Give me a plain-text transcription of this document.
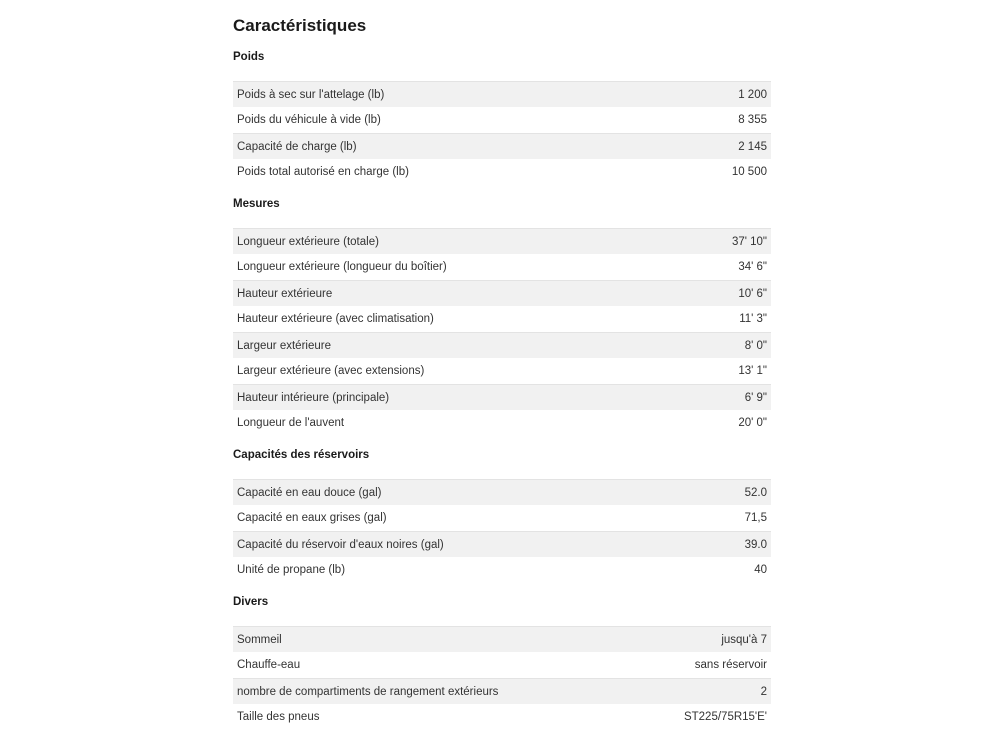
Caractéristiques
Poids
Poids à sec sur l'attelage (lb)	1 200
Poids du véhicule à vide (lb)	8 355
Capacité de charge (lb)	2 145
Poids total autorisé en charge (lb)	10 500
Mesures
Longueur extérieure (totale)	37' 10"
Longueur extérieure (longueur du boîtier)	34' 6"
Hauteur extérieure	10' 6"
Hauteur extérieure (avec climatisation)	11' 3"
Largeur extérieure	8' 0"
Largeur extérieure (avec extensions)	13' 1"
Hauteur intérieure (principale)	6' 9"
Longueur de l'auvent	20' 0"
Capacités des réservoirs
Capacité en eau douce (gal)	52.0
Capacité en eaux grises (gal)	71,5
Capacité du réservoir d'eaux noires (gal)	39.0
Unité de propane (lb)	40
Divers
Sommeil	jusqu'à 7
Chauffe-eau	sans réservoir
nombre de compartiments de rangement extérieurs	2
Taille des pneus	ST225/75R15'E'
